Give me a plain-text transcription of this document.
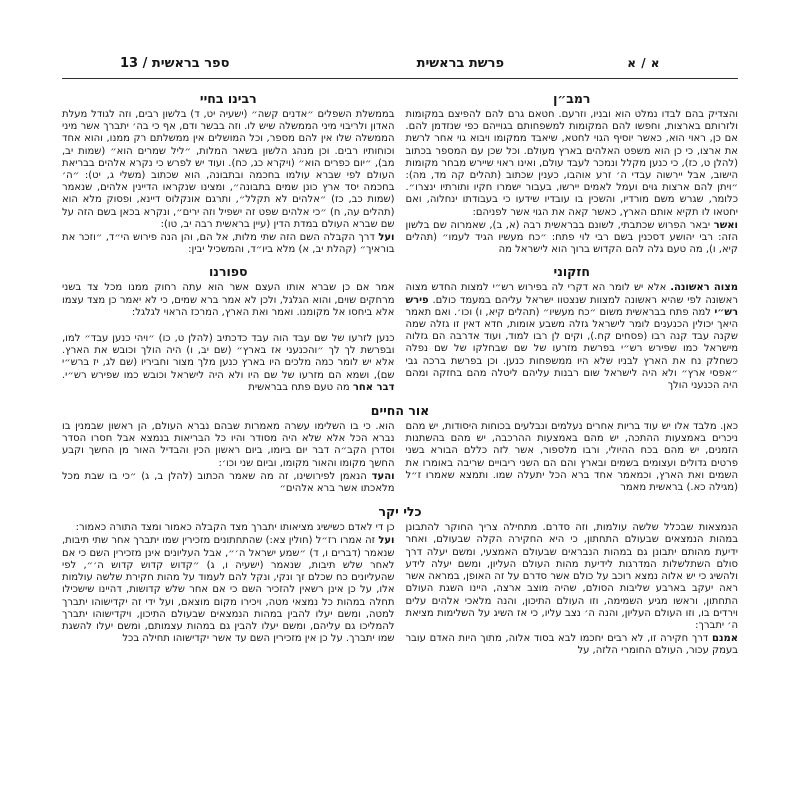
א / א
פרשת בראשית
ספר בראשית / 13
רמב״ן

והצדיק בהם לבדו נמלט הוא ובניו, וזרעם. חטאם גרם להם להפיצם במקומות ולזרותם בארצות, וחפשו להם המקומות למשפחותם בגוייהם כפי שנזדמן להם. אם כן, ראוי הוא, כאשר יוסיף הגוי לחטא, שיאבד ממקומו ויבוא גוי אחר לרשת את ארצו, כי כן הוא משפט האלהים בארץ מעולם. וכל שכן עם המספר בכתוב (להלן ט, כז), כי כנען מקלל ונמכר לעבד עולם, ואינו ראוי שיירש מבחר מקומות הישוב, אבל יירשוה עבדי ה׳ זרע אוהבו, כענין שכתוב (תהלים קה מד, מה): ״ויתן להם ארצות גוים ועמל לאמים יירשו, בעבור ישמרו חקיו ותורתיו ינצרו״. כלומר, שגרש משם מורדיו, והשכין בו עובדיו שידעו כי בעבודתו ינחלוה, ואם יחטאו לו תקיא אותם הארץ, כאשר קאה את הגוי אשר לפניהם:

ואשר יבאר הפרוש שכתבתי, לשונם בבראשית רבה (א, ב), שאמרוה שם בלשון הזה: רבי יהושע דסכנין בשם רבי לוי פתח: ״כח מעשיו הגיד לעמו״ (תהלים קיא, ו), מה טעם גלה להם הקדוש ברוך הוא לישראל מה

חזקוני

מצוה ראשונה. אלא יש לומר הא דקרי לה בפירוש רש״י למצות החדש מצוה ראשונה לפי שהיא ראשונה למצוות שנצטוו ישראל עליהם במעמד כולם. פירש רש״י למה פתח בבראשית משום ״כח מעשיו״ (תהלים קיא, ו) וכו׳. ואם תאמר היאך יכולין הכנענים לומר לישראל גזלה משבע אומות, חדא דאין זו גזלה שמה שקנה עבד קנה רבו (פסחים קח.), וקים לן רבו למוד, ועוד אדרבה הם גזלוה מישראל כמו שפירש רש״י בפרשת מזרעו של שם שבחלקו של שם נפלה כשחלק נח את הארץ לבניו שלא היו ממשפחות כנען. וכן בפרשת ברכה גבי ״אפסי ארץ״ ולא היה לישראל שום רבנות עליהם ליטלה מהם בחזקה ומהם היה הכנעני הולך

רבינו בחיי

בממשלת השפלים ״אדנים קשה״ (ישעיה יט, ד) בלשון רבים, וזה לגודל מעלת האדון ולריבוי מיני הממשלה שיש לו. וזה בבשר ודם, אף כי בה׳ יתברך אשר מיני הממשלה שלו אין להם מספר, וכל המושלים אין ממשלתם רק ממנו, והוא אחד וכוחותיו רבים. וכן מנהג הלשון בשאר המלות, ״ליל שמרים הוא״ (שמות יב, מב), ״יום כפרים הוא״ (ויקרא כג, כח). ועוד יש לפרש כי נקרא אלהים בבריאת העולם לפי שברא עולמו בחכמה ובתבונה, הוא שכתוב (משלי ג, יט): ״ה׳ בחכמה יסד ארץ כונן שמים בתבונה״, ומצינו שנקראו הדיינין אלהים, שנאמר (שמות כב, כז) ״אלהים לא תקלל״, ותרגם אונקלוס דיינא, ופסוק מלא הוא (תהלים עה, ח) ״כי אלהים שפט זה ישפיל וזה ירים״, ונקרא בכאן בשם הזה על שם שברא העולם במדת הדין (עיין בראשית רבה יב, טו):

ועל דרך הקבלה השם הזה שתי מלות, אל הם, והן הנה פירוש הי״ד, ״וזכר את בוראיך״ (קהלת יב, א) מלא ביו״ד, והמשכיל יבין:

ספורנו

אמר אם כן שברא אותו העצם אשר הוא עתה רחוק ממנו מכל צד בשני מרחקים שוים, והוא הגלגל, ולכן לא אמר ברא שמים, כי לא יאמר כן מצד עצמו אלא ביחסו אל מקומנו. ואמר ואת הארץ, המרכז הראוי לגלגל:

כנען לזרעו של שם עבד הוה עבד כדכתיב (להלן ט, כו) ״ויהי כנען עבד״ למו, ובפרשת לך לך ״והכנעני אז בארץ״ (שם יב, ו) היה הולך וכובש את הארץ. אלא יש לומר כמה מלכים היו בארץ כנען מלך מצור וחביריו (שם לג, יז ברש״י שם), ושמא הם מזרעו של שם היו ולא היה לישראל וכובש כמו שפירש רש״י. דבר אחר מה טעם פתח בבראשית

אור החיים

כאן. מלבד אלו יש עוד בריות אחרים נעלמים ונבלעים בכוחות היסודות, יש מהם ניכרים באמצעות ההתכה, יש מהם באמצעות ההרכבה, יש מהם בהשתנות הזמנים, יש מהם בכח ההיולי, ורבו מלספור, אשר לזה כללם הבורא בשני פרטים גדולים ועצומים בשמים ובארץ והם הם השני ריבויים שריבה באומרו את השמים ואת הארץ, וכמאמר אחד ברא הכל יתעלה שמו. ותמצא שאמרו ז״ל (מגילה כא.) בראשית מאמר

הוא. כי בו השלימו עשרה מאמרות שבהם נברא העולם, הן ראשון שבמנין בו נברא הכל אלא שלא היה מסודר והיו כל הבריאות בנמצא אבל חסרו הסדר וסדרן הקב״ה דבר יום ביומו, ביום ראשון הכין והבדיל האור מן החשך וקבע החשך מקומו והאור מקומו, וביום שני וכו׳:

והעד הנאמן לפירושינו, זה מה שאמר הכתוב (להלן ב, ג) ״כי בו שבת מכל מלאכתו אשר ברא אלהים״

כלי יקר

הנמצאות שבכלל שלשה עולמות, וזה סדרם. מתחילה צריך החוקר להתבונן במהות הנמצאים שבעולם התחתון, כי היא החקירה הקלה שבעולם, ואחר ידיעת מהותם יתבונן גם במהות הנבראים שבעולם האמצעי, ומשם יעלה דרך סולם השתלשלות המדרגות לידיעת מהות העולם העליון, ומשם יעלה לידע ולהשיג כי יש אלוה נמצא רוכב על כולם אשר סדרם על זה האופן, במראה אשר ראה יעקב בארבע שליבות הסולם, שהיה מוצב ארצה, היינו השגת העולם התחתון, וראשו מגיע השמימה, וזו העולם התיכון, והנה מלאכי אלהים עלים וירדים בו, וזו העולם העליון, והנה ה׳ נצב עליו, כי אז השיג על השלימות מציאת ה׳ יתברך:

אמנם דרך חקירה זו, לא רבים יחכמו לבא בסוד אלוה, מתוך היות האדם עובר בעמק עכור, העולם החומרי הלזה, על

כן די לאדם כשישיג מציאותו יתברך מצד הקבלה כאמור ומצד התורה כאמור:

ועל זה אמרו רז״ל (חולין צא:) שהתחתונים מזכירין שמו יתברך אחר שתי תיבות, שנאמר (דברים ו, ד) ״שמע ישראל ה׳״, אבל העליונים אינן מזכירין השם כי אם לאחר שלש תיבות, שנאמר (ישעיה ו, ג) ״קדוש קדוש קדוש ה׳״, לפי שהעליונים כח שכלם זך ונקי, ונקל להם לעמוד על מהות חקירת שלשה עולמות אלו, על כן אינן רשאין להזכיר השם כי אם אחר שלש קדושות, דהיינו שישכילו תחלה במהות כל נמצאי מטה, ויכירו מקום מוצאם, ועל ידי זה יקדישוהו יתברך למטה, ומשם יעלו להבין במהות הנמצאים שבעולם התיכון, ויקדישוהו יתברך להמליכו גם עליהם, ומשם יעלו להבין גם במהות עצמותם, ומשם יעלו להשגת שמו יתברך. על כן אין מזכירין השם עד אשר יקדישוהו תחילה בכל
